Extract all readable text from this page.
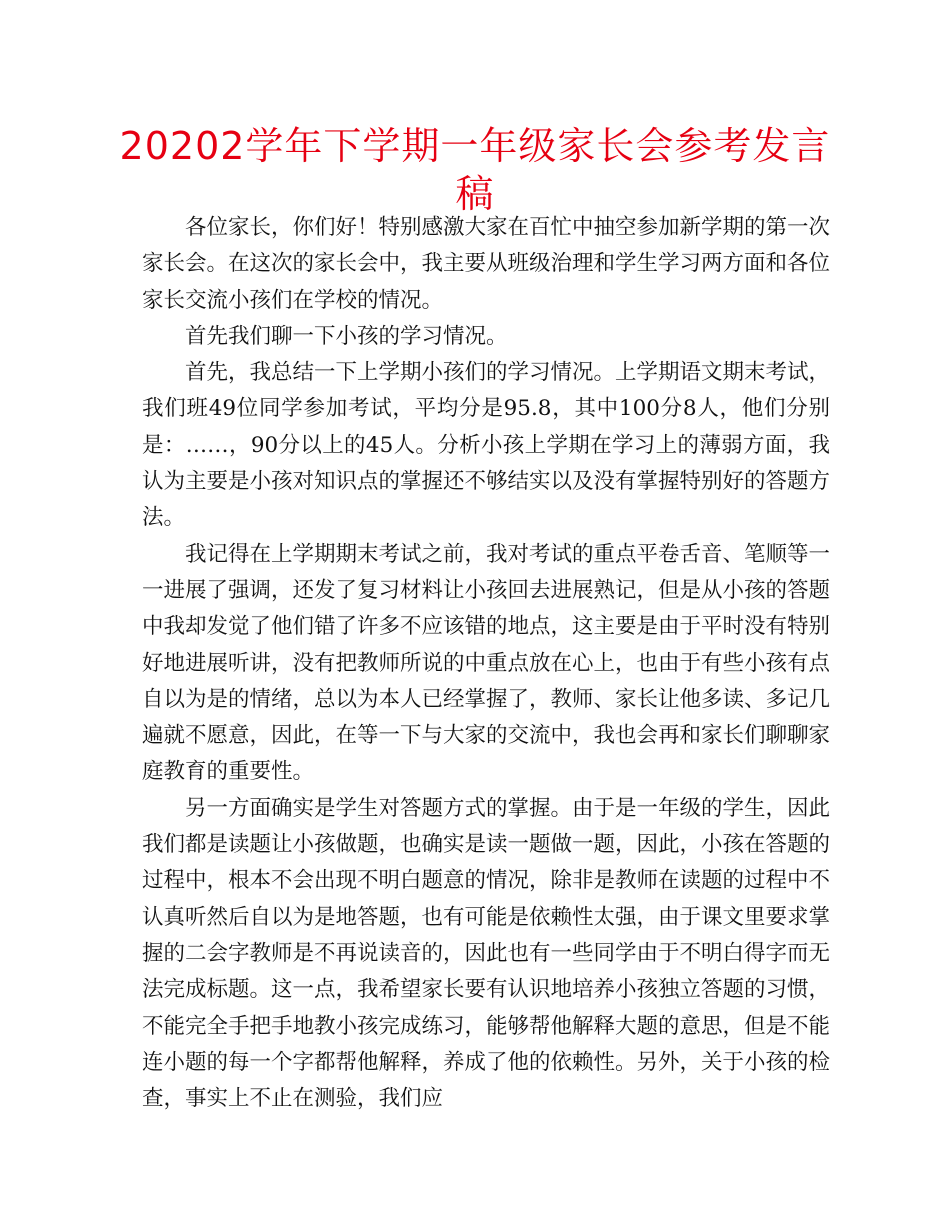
20202学年下学期一年级家长会参考发言稿

各位家长，你们好！特别感激大家在百忙中抽空参加新学期的第一次家长会。在这次的家长会中，我主要从班级治理和学生学习两方面和各位家长交流小孩们在学校的情况。

首先我们聊一下小孩的学习情况。

首先，我总结一下上学期小孩们的学习情况。上学期语文期末考试，我们班49位同学参加考试，平均分是95.8，其中100分8人，他们分别是：……，90分以上的45人。分析小孩上学期在学习上的薄弱方面，我认为主要是小孩对知识点的掌握还不够结实以及没有掌握特别好的答题方法。

我记得在上学期期末考试之前，我对考试的重点平卷舌音、笔顺等一一进展了强调，还发了复习材料让小孩回去进展熟记，但是从小孩的答题中我却发觉了他们错了许多不应该错的地点，这主要是由于平时没有特别好地进展听讲，没有把教师所说的中重点放在心上，也由于有些小孩有点自以为是的情绪，总以为本人已经掌握了，教师、家长让他多读、多记几遍就不愿意，因此，在等一下与大家的交流中，我也会再和家长们聊聊家庭教育的重要性。

另一方面确实是学生对答题方式的掌握。由于是一年级的学生，因此我们都是读题让小孩做题，也确实是读一题做一题，因此，小孩在答题的过程中，根本不会出现不明白题意的情况，除非是教师在读题的过程中不认真听然后自以为是地答题，也有可能是依赖性太强，由于课文里要求掌握的二会字教师是不再说读音的，因此也有一些同学由于不明白得字而无法完成标题。这一点，我希望家长要有认识地培养小孩独立答题的习惯，不能完全手把手地教小孩完成练习，能够帮他解释大题的意思，但是不能连小题的每一个字都帮他解释，养成了他的依赖性。另外，关于小孩的检查，事实上不止在测验，我们应
